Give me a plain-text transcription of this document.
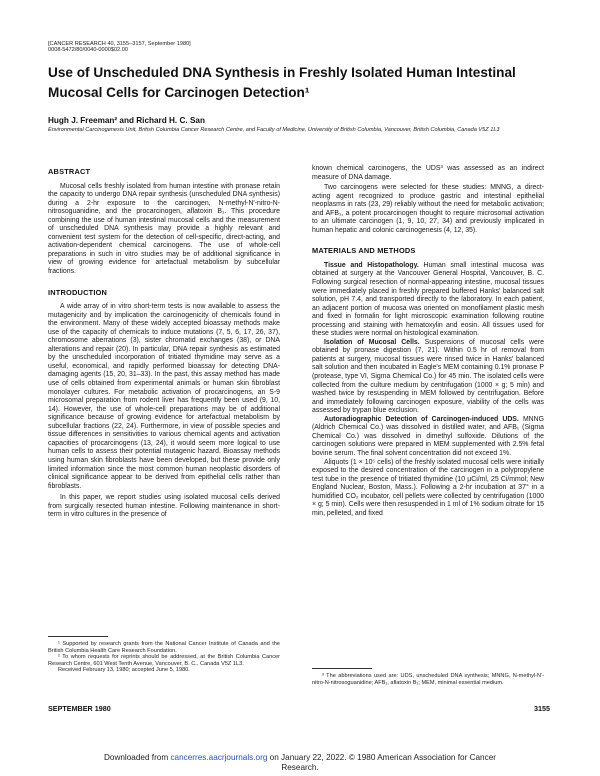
[CANCER RESEARCH 40, 3155–3157, September 1980]
0008-5472/80/0040-0000$02.00
Use of Unscheduled DNA Synthesis in Freshly Isolated Human Intestinal Mucosal Cells for Carcinogen Detection¹
Hugh J. Freeman² and Richard H. C. San
Environmental Carcinogenesis Unit, British Columbia Cancer Research Centre, and Faculty of Medicine, University of British Columbia, Vancouver, British Columbia, Canada V5Z 1L3
ABSTRACT

Mucosal cells freshly isolated from human intestine with pronase retain the capacity to undergo DNA repair synthesis (unscheduled DNA synthesis) during a 2-hr exposure to the carcinogen, N-methyl-N'-nitro-N-nitrosoguanidine, and the procarcinogen, aflatoxin B₁. This procedure combining the use of human intestinal mucosal cells and the measurement of unscheduled DNA synthesis may provide a highly relevant and convenient test system for the detection of cell-specific, direct-acting, and activation-dependent chemical carcinogens. The use of whole-cell preparations in such in vitro studies may be of additional significance in view of growing evidence for artefactual metabolism by subcellular fractions.

INTRODUCTION

A wide array of in vitro short-term tests is now available to assess the mutagenicity and by implication the carcinogenicity of chemicals found in the environment. Many of these widely accepted bioassay methods make use of the capacity of chemicals to induce mutations (7, 5, 6, 17, 26, 37), chromosome aberrations (3), sister chromatid exchanges (38), or DNA alterations and repair (20). In particular, DNA repair synthesis as estimated by the unscheduled incorporation of tritiated thymidine may serve as a useful, economical, and rapidly performed bioassay for detecting DNA-damaging agents (15, 20, 31–33). In the past, this assay method has made use of cells obtained from experimental animals or human skin fibroblast monolayer cultures. For metabolic activation of procarcinogens, an S-9 microsomal preparation from rodent liver has frequently been used (9, 10, 14). However, the use of whole-cell preparations may be of additional significance because of growing evidence for artefactual metabolism by subcellular fractions (22, 24). Furthermore, in view of possible species and tissue differences in sensitivities to various chemical agents and activation capacities of procarcinogens (13, 24), it would seem more logical to use human cells to assess their potential mutagenic hazard. Bioassay methods using human skin fibroblasts have been developed, but these provide only limited information since the most common human neoplastic disorders of clinical significance appear to be derived from epithelial cells rather than fibroblasts.

In this paper, we report studies using isolated mucosal cells derived from surgically resected human intestine. Following maintenance in short-term in vitro cultures in the presence of

¹ Supported by research grants from the National Cancer Institute of Canada and the British Columbia Health Care Research Foundation.

² To whom requests for reprints should be addressed, at the British Columbia Cancer Research Centre, 601 West Tenth Avenue, Vancouver, B. C., Canada V5Z 1L3.

Received February 13, 1980; accepted June 5, 1980.

known chemical carcinogens, the UDS³ was assessed as an indirect measure of DNA damage.

Two carcinogens were selected for these studies: MNNG, a direct-acting agent recognized to produce gastric and intestinal epithelial neoplasms in rats (23, 29) reliably without the need for metabolic activation; and AFB₁, a potent procarcinogen thought to require microsomal activation to an ultimate carcinogen (1, 9, 10, 27, 34) and previously implicated in human hepatic and colonic carcinogenesis (4, 12, 35).

MATERIALS AND METHODS

Tissue and Histopathology. Human small intestinal mucosa was obtained at surgery at the Vancouver General Hospital, Vancouver, B. C. Following surgical resection of normal-appearing intestine, mucosal tissues were immediately placed in freshly prepared buffered Hanks' balanced salt solution, pH 7.4, and transported directly to the laboratory. In each patient, an adjacent portion of mucosa was oriented on monofilament plastic mesh and fixed in formalin for light microscopic examination following routine processing and staining with hematoxylin and eosin. All tissues used for these studies were normal on histological examination.

Isolation of Mucosal Cells. Suspensions of mucosal cells were obtained by pronase digestion (7, 21). Within 0.5 hr of removal from patients at surgery, mucosal tissues were rinsed twice in Hanks' balanced salt solution and then incubated in Eagle's MEM containing 0.1% pronase P (protease, type VI, Sigma Chemical Co.) for 45 min. The isolated cells were collected from the culture medium by centrifugation (1000 × g; 5 min) and washed twice by resuspending in MEM followed by centrifugation. Before and immediately following carcinogen exposure, viability of the cells was assessed by trypan blue exclusion.

Autoradiographic Detection of Carcinogen-induced UDS. MNNG (Aldrich Chemical Co.) was dissolved in distilled water, and AFB₁ (Sigma Chemical Co.) was dissolved in dimethyl sulfoxide. Dilutions of the carcinogen solutions were prepared in MEM supplemented with 2.5% fetal bovine serum. The final solvent concentration did not exceed 1%.

Aliquots (1 × 10⁵ cells) of the freshly isolated mucosal cells were initially exposed to the desired concentration of the carcinogen in a polypropylene test tube in the presence of tritiated thymidine (10 µCi/ml, 25 Ci/mmol; New England Nuclear, Boston, Mass.). Following a 2-hr incubation at 37° in a humidified CO₂ incubator, cell pellets were collected by centrifugation (1000 × g; 5 min). Cells were then resuspended in 1 ml of 1% sodium citrate for 15 min, pelleted, and fixed

³ The abbreviations used are: UDS, unscheduled DNA synthesis; MNNG, N-methyl-N'-nitro-N-nitrosoguanidine; AFB₁, aflatoxin B₁; MEM, minimal essential medium.

SEPTEMBER 1980	3155
Downloaded from cancerres.aacrjournals.org on January 22, 2022. © 1980 American Association for Cancer
Research.
